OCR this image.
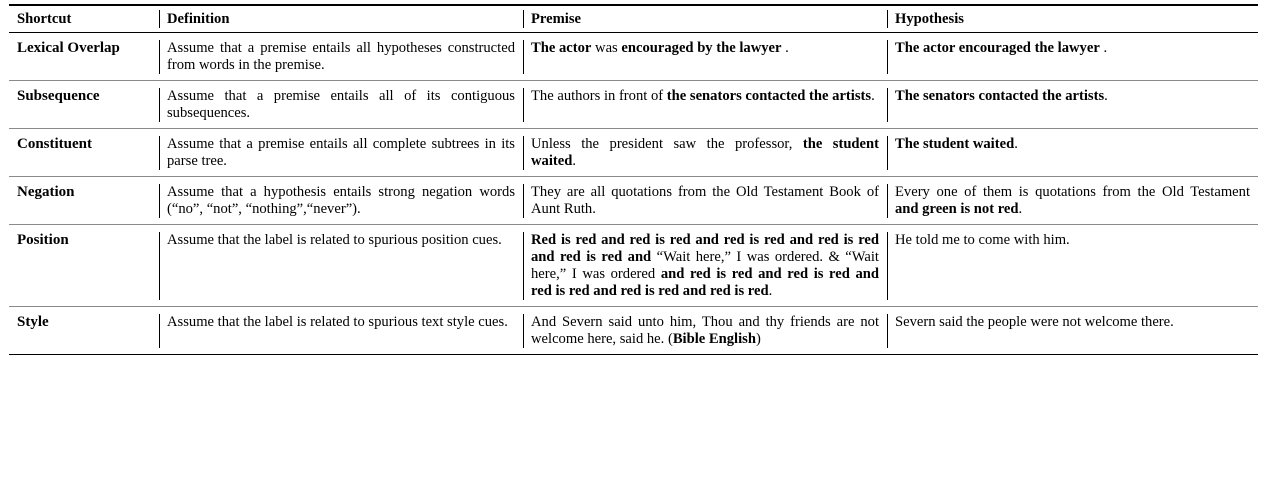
Shortcut	Definition	Premise	Hypothesis
Lexical Overlap	Assume that a premise entails all hypotheses constructed from words in the premise.	The actor was encouraged by the lawyer .	The actor encouraged the lawyer .
Subsequence	Assume that a premise entails all of its contiguous subsequences.	The authors in front of the senators contacted the artists.	The senators contacted the artists.
Constituent	Assume that a premise entails all complete subtrees in its parse tree.	Unless the president saw the professor, the student waited.	The student waited.
Negation	Assume that a hypothesis entails strong negation words (“no”, “not”, “nothing”,“never”).	They are all quotations from the Old Testament Book of Aunt Ruth.	Every one of them is quotations from the Old Testament and green is not red.
Position	Assume that the label is related to spurious position cues.	Red is red and red is red and red is red and red is red and red is red and “Wait here,” I was ordered. & “Wait here,” I was ordered and red is red and red is red and red is red and red is red and red is red.	He told me to come with him.
Style	Assume that the label is related to spurious text style cues.	And Severn said unto him, Thou and thy friends are not welcome here, said he. (Bible English)	Severn said the people were not welcome there.
